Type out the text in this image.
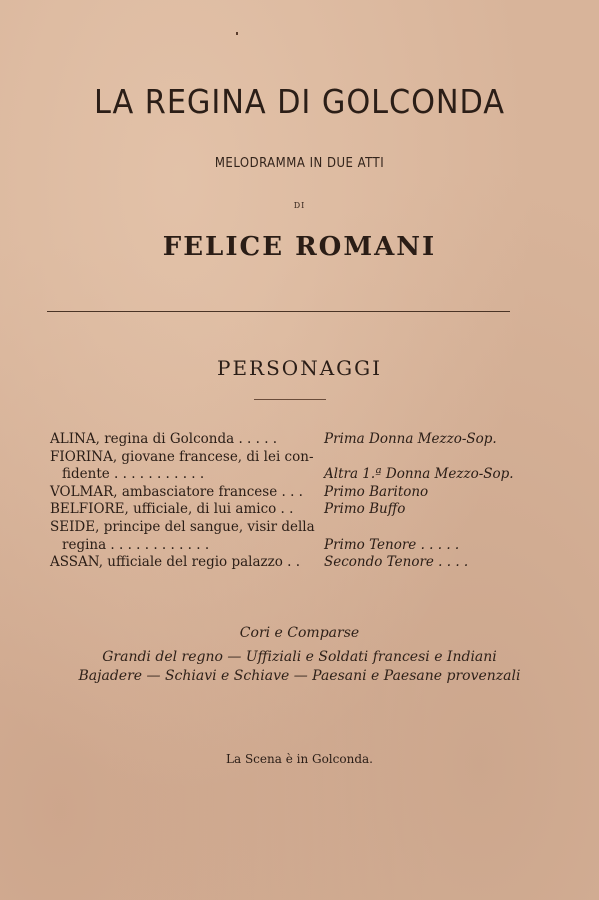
LA REGINA DI GOLCONDA
MELODRAMMA IN DUE ATTI
DI
FELICE ROMANI
PERSONAGGI
ALINA, regina di Golconda . . . . .	Prima Donna Mezzo-Sop.
FIORINA, giovane francese, di lei con-
fidente . . . . . . . . . . .	Altra 1.ª Donna Mezzo-Sop.
VOLMAR, ambasciatore francese . . . Primo Baritono
BELFIORE, ufficiale, di lui amico . . Primo Buffo
SEIDE, principe del sangue, visir della
regina . . . . . . . . . . . .	Primo Tenore . . . . .
ASSAN, ufficiale del regio palazzo . . Secondo Tenore . . . .
Cori e Comparse
Grandi del regno — Uffiziali e Soldati francesi e Indiani
Bajadere — Schiavi e Schiave — Paesani e Paesane provenzali
La Scena è in Golconda.
